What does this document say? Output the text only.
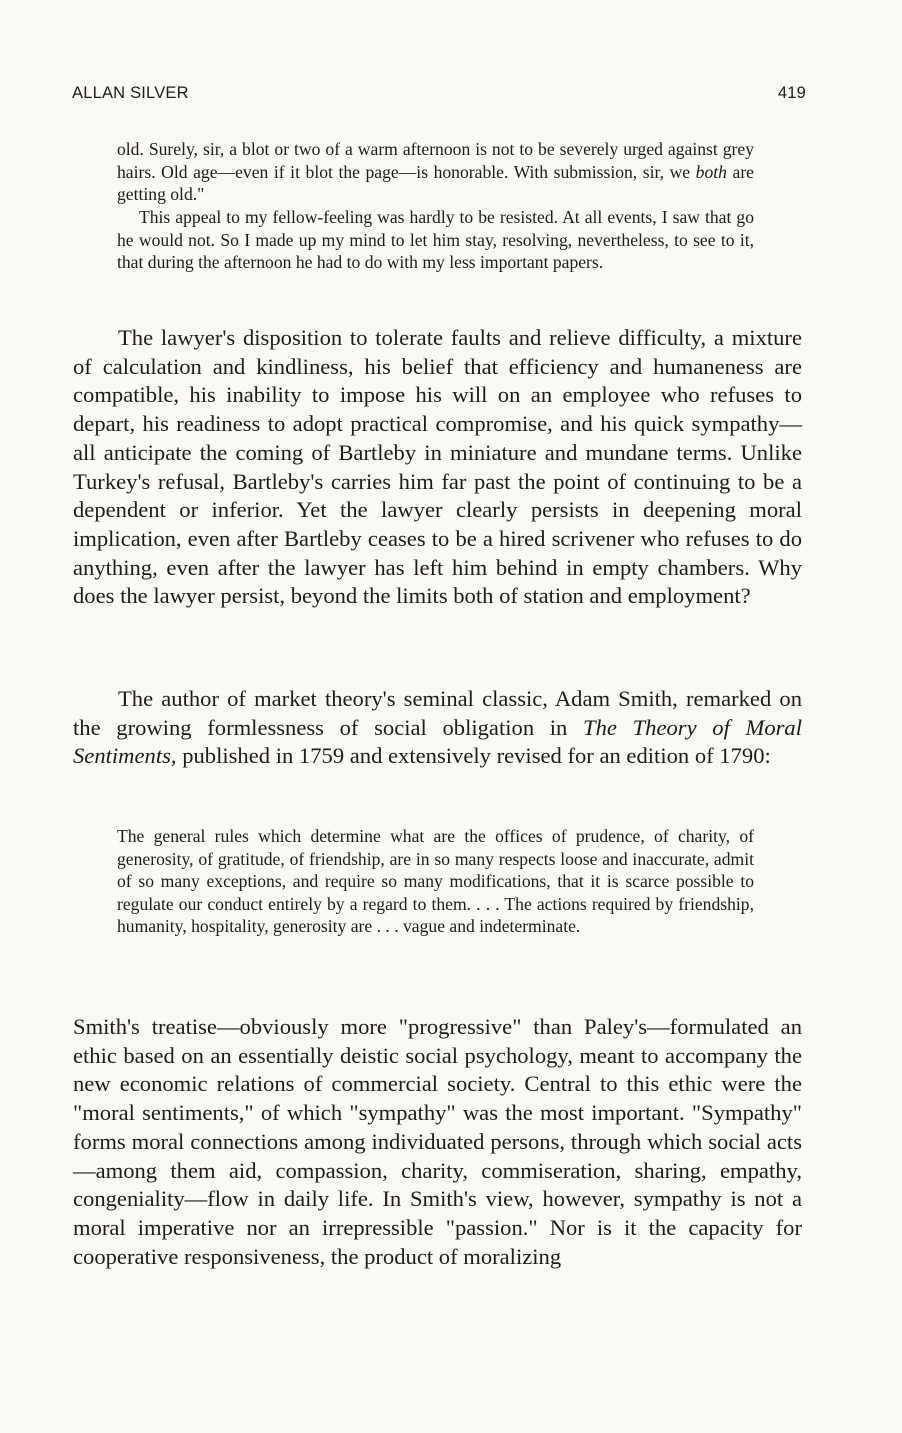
ALLAN SILVER	419

old. Surely, sir, a blot or two of a warm afternoon is not to be severely urged against grey hairs. Old age—even if it blot the page—is honorable. With submission, sir, we both are getting old."

This appeal to my fellow-feeling was hardly to be resisted. At all events, I saw that go he would not. So I made up my mind to let him stay, resolving, nevertheless, to see to it, that during the afternoon he had to do with my less important papers.

The lawyer's disposition to tolerate faults and relieve difficulty, a mixture of calculation and kindliness, his belief that efficiency and humaneness are compatible, his inability to impose his will on an employee who refuses to depart, his readiness to adopt practical compromise, and his quick sympathy—all anticipate the coming of Bartleby in miniature and mundane terms. Unlike Turkey's refusal, Bartleby's carries him far past the point of continuing to be a dependent or inferior. Yet the lawyer clearly persists in deepening moral implication, even after Bartleby ceases to be a hired scrivener who refuses to do anything, even after the lawyer has left him behind in empty chambers. Why does the lawyer persist, beyond the limits both of station and employment?

The author of market theory's seminal classic, Adam Smith, remarked on the growing formlessness of social obligation in The Theory of Moral Sentiments, published in 1759 and extensively revised for an edition of 1790:

The general rules which determine what are the offices of prudence, of charity, of generosity, of gratitude, of friendship, are in so many respects loose and inaccurate, admit of so many exceptions, and require so many modifications, that it is scarce possible to regulate our conduct entirely by a regard to them. . . . The actions required by friendship, humanity, hospitality, generosity are . . . vague and indeterminate.

Smith's treatise—obviously more "progressive" than Paley's—formulated an ethic based on an essentially deistic social psychology, meant to accompany the new economic relations of commercial society. Central to this ethic were the "moral sentiments," of which "sympathy" was the most important. "Sympathy" forms moral connections among individuated persons, through which social acts—among them aid, compassion, charity, commiseration, sharing, empathy, congeniality—flow in daily life. In Smith's view, however, sympathy is not a moral imperative nor an irrepressible "passion." Nor is it the capacity for cooperative responsiveness, the product of moralizing
